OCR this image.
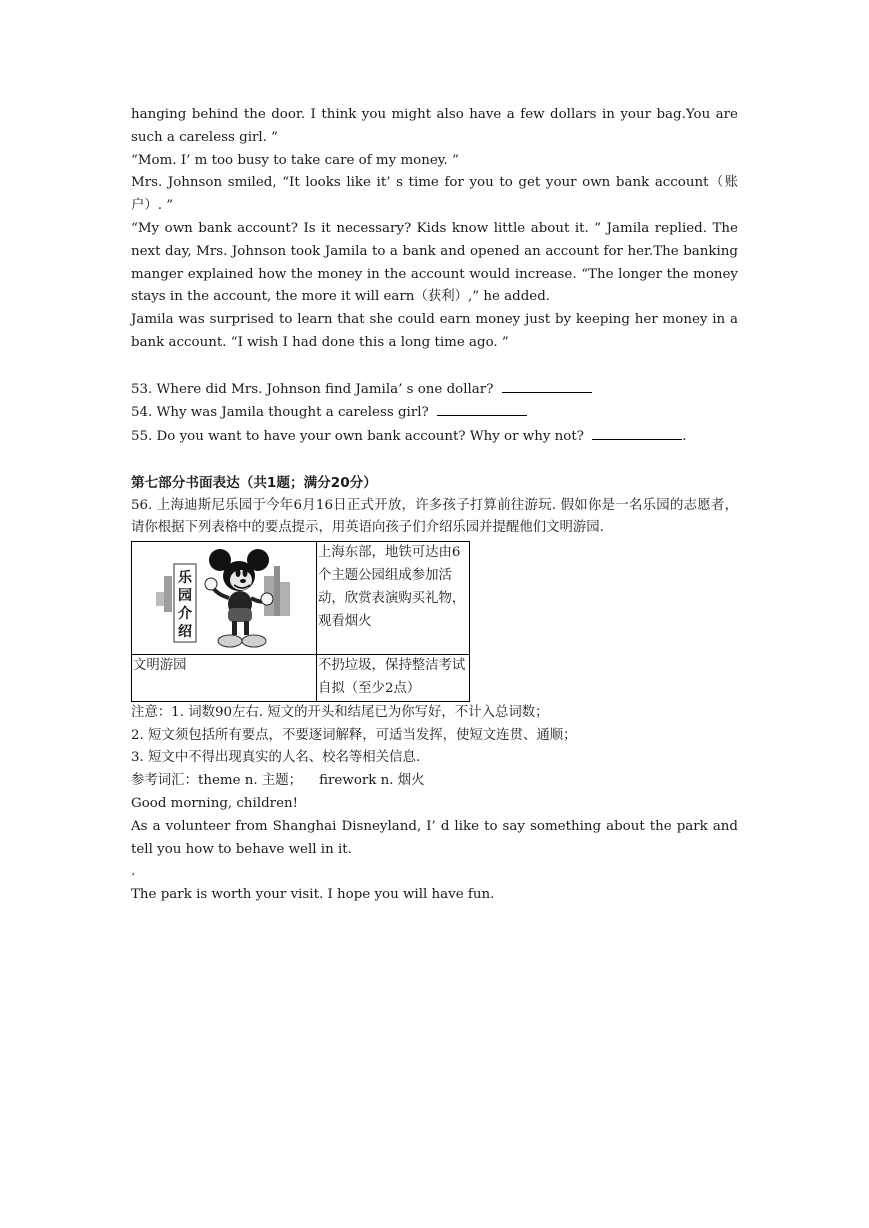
hanging behind the door. I think you might also have a few dollars in your bag.You are such a careless girl. ”

“Mom. I’ m too busy to take care of my money. ”

Mrs. Johnson smiled, “It looks like it’ s time for you to get your own bank account（账户）. ”

“My own bank account? Is it necessary? Kids know little about it. ” Jamila replied. The next day, Mrs. Johnson took Jamila to a bank and opened an account for her.The banking manger explained how the money in the account would increase. “The longer the money stays in the account, the more it will earn（获利）,” he added.

Jamila was surprised to learn that she could earn money just by keeping her money in a bank account. “I wish I had done this a long time ago. ”

53. Where did Mrs. Johnson find Jamila’ s one dollar?

54. Why was Jamila thought a careless girl?

55. Do you want to have your own bank account? Why or why not?	.

第七部分书面表达（共1题；满分20分）

56. 上海迪斯尼乐园于今年6月16日正式开放，许多孩子打算前往游玩. 假如你是一名乐园的志愿者，请你根据下列表格中的要点提示，用英语向孩子们介绍乐园并提醒他们文明游园.

乐
园
介
绍	上海东部，地铁可达由6个主题公园组成参加活动，欣赏表演购买礼物，观看烟火
文明游园	不扔垃圾，保持整洁考试自拟（至少2点）

注意：1. 词数90左右. 短文的开头和结尾已为你写好，不计入总词数；

2. 短文须包括所有要点，不要逐词解释，可适当发挥，使短文连贯、通顺；

3. 短文中不得出现真实的人名、校名等相关信息.

参考词汇：theme n. 主题；    firework n. 烟火

Good morning, children!

As a volunteer from Shanghai Disneyland, I’ d like to say something about the park and tell you how to behave well in it.

.

The park is worth your visit. I hope you will have fun.
